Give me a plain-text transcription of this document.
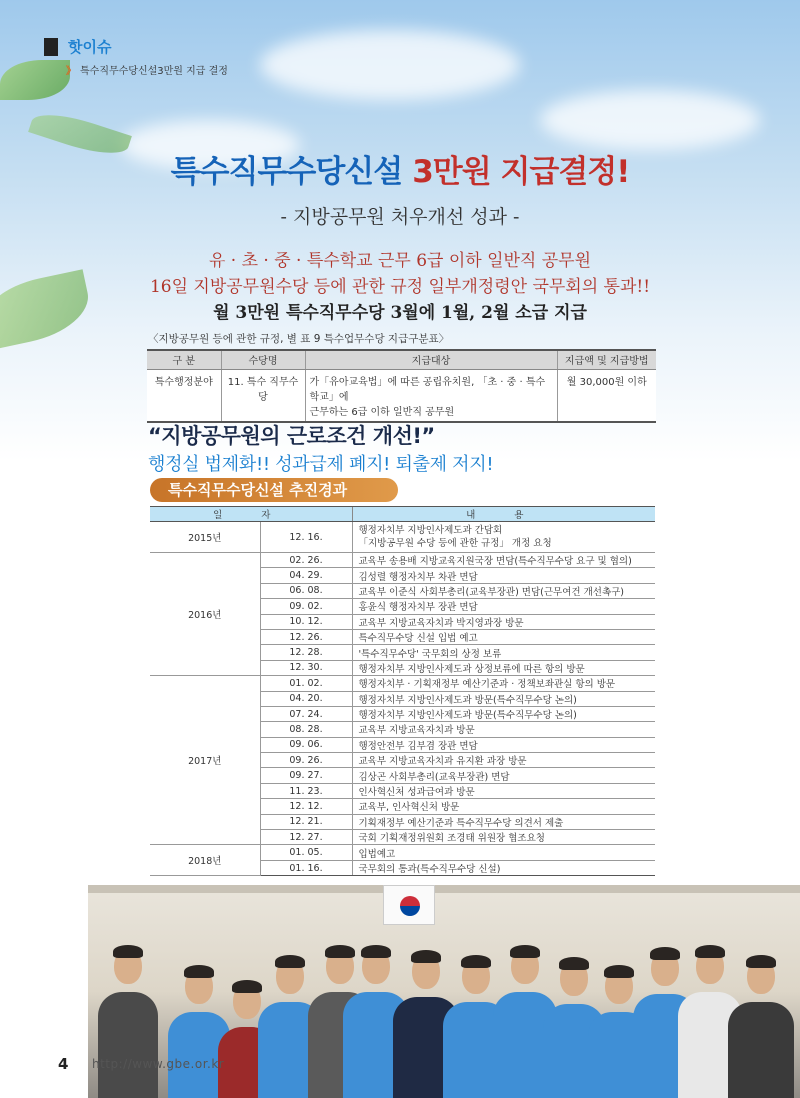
핫이슈
》 특수직무수당신설3만원 지급 결정
특수직무수당신설 3만원 지급결정!
- 지방공무원 처우개선 성과 -
유 · 초 · 중 · 특수학교 근무 6급 이하 일반직 공무원
16일 지방공무원수당 등에 관한 규정 일부개정령안 국무회의 통과!!
월 3만원 특수직무수당 3월에 1월, 2월 소급 지급
〈지방공무원 등에 관한 규정, 별 표 9 특수업무수당 지급구분표〉
구 분	수당명	지급대상	지급액 및 지급방법
특수행정분야	11. 특수 직무수당	가「유아교육법」에 따른 공립유치원, 「초 · 중 · 특수학교」에
근무하는 6급 이하 일반직 공무원	월 30,000원 이하
“지방공무원의 근로조건 개선!”
행정실 법제화!! 성과급제 폐지! 퇴출제 저지!
특수직무수당신설 추진경과
일 자		내 용
2015년	12. 16.	행정자치부 지방인사제도과 간담회
「지방공무원 수당 등에 관한 규정」 개정 요청
2016년	02. 26.	교육부 송용배 지방교육지원국장 면담(특수직무수당 요구 및 협의)
	04. 29.	김성렬 행정자치부 차관 면담
	06. 08.	교육부 이준식 사회부총리(교육부장관) 면담(근무여건 개선촉구)
	09. 02.	홍윤식 행정자치부 장관 면담
	10. 12.	교육부 지방교육자치과 박지영과장 방문
	12. 26.	특수직무수당 신설 입법 예고
	12. 28.	'특수직무수당' 국무회의 상정 보류
	12. 30.	행정자치부 지방인사제도과 상정보류에 따른 항의 방문
2017년	01. 02.	행정자치부 · 기획재정부 예산기준과 · 정책보좌관실 항의 방문
	04. 20.	행정자치부 지방인사제도과 방문(특수직무수당 논의)
	07. 24.	행정자치부 지방인사제도과 방문(특수직무수당 논의)
	08. 28.	교육부 지방교육자치과 방문
	09. 06.	행정안전부 김부겸 장관 면담
	09. 26.	교육부 지방교육자치과 유지환 과장 방문
	09. 27.	김상곤 사회부총리(교육부장관) 면담
	11. 23.	인사혁신처 성과급여과 방문
	12. 12.	교육부, 인사혁신처 방문
	12. 21.	기획재정부 예산기준과 특수직무수당 의견서 제출
	12. 27.	국회 기획재정위원회 조경태 위원장 협조요청
2018년	01. 05.	입법예고
	01. 16.	국무회의 통과(특수직무수당 신설)
4 http://www.gbe.or.kr
